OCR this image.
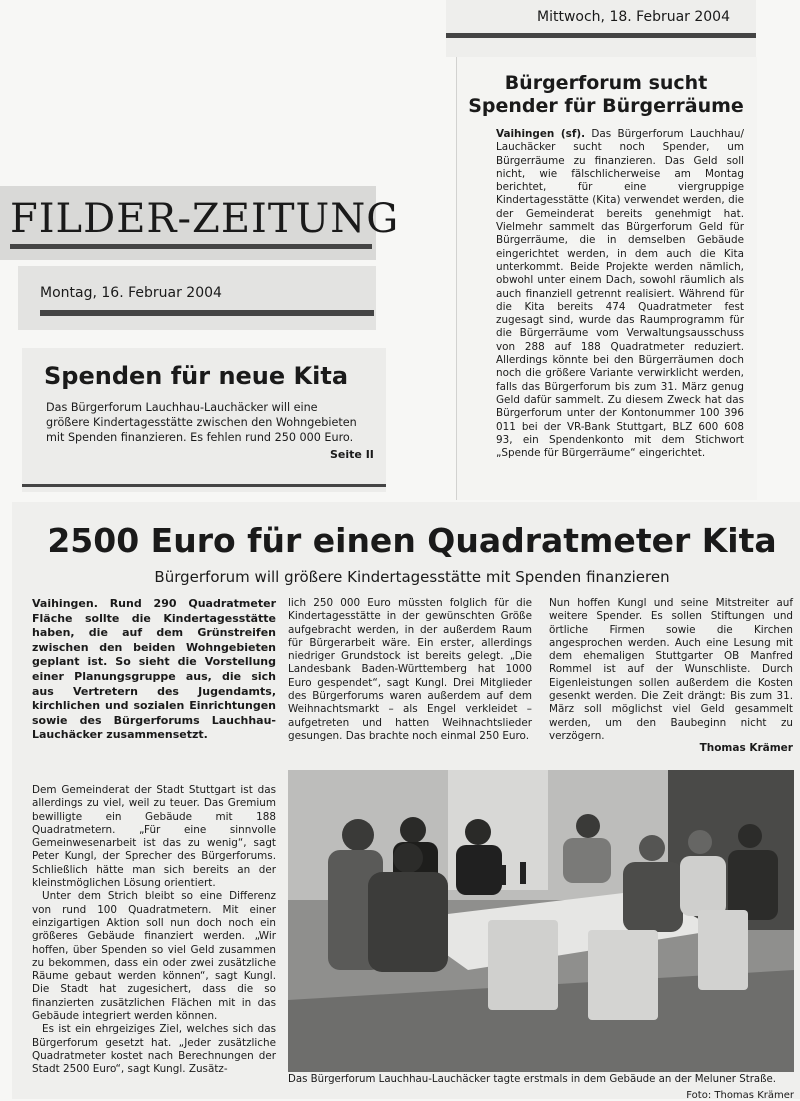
Mittwoch, 18. Februar 2004
Bürgerforum sucht Spender für Bürgerräume
Vaihingen (sf). Das Bürgerforum Lauchhau/ Lauchäcker sucht noch Spender, um Bürgerräume zu finanzieren. Das Geld soll nicht, wie fälschlicherweise am Montag berichtet, für eine viergruppige Kindertagesstätte (Kita) verwendet werden, die der Gemeinderat bereits genehmigt hat. Vielmehr sammelt das Bürgerforum Geld für Bürgerräume, die in demselben Gebäude eingerichtet werden, in dem auch die Kita unterkommt. Beide Projekte werden nämlich, obwohl unter einem Dach, sowohl räumlich als auch finanziell getrennt realisiert. Während für die Kita bereits 474 Quadratmeter fest zugesagt sind, wurde das Raumprogramm für die Bürgerräume vom Verwaltungsausschuss von 288 auf 188 Quadratmeter reduziert. Allerdings könnte bei den Bürgerräumen doch noch die größere Variante verwirklicht werden, falls das Bürgerforum bis zum 31. März genug Geld dafür sammelt. Zu diesem Zweck hat das Bürgerforum unter der Kontonummer 100 396 011 bei der VR-Bank Stuttgart, BLZ 600 608 93, ein Spendenkonto mit dem Stichwort „Spende für Bürgerräume“ eingerichtet.
FILDER-ZEITUNG
Montag, 16. Februar 2004
Spenden für neue Kita
Das Bürgerforum Lauchhau-Lauchäcker will eine größere Kindertagesstätte zwischen den Wohngebieten mit Spenden finanzieren. Es fehlen rund 250 000 Euro.
Seite II
2500 Euro für einen Quadratmeter Kita
Bürgerforum will größere Kindertagesstätte mit Spenden finanzieren
Vaihingen. Rund 290 Quadratmeter Fläche sollte die Kindertagesstätte haben, die auf dem Grünstreifen zwischen den beiden Wohngebieten geplant ist. So sieht die Vorstellung einer Planungsgruppe aus, die sich aus Vertretern des Jugendamts, kirchlichen und sozialen Einrichtungen sowie des Bürgerforums Lauchhau-Lauchäcker zusammensetzt.

Dem Gemeinderat der Stadt Stuttgart ist das allerdings zu viel, weil zu teuer. Das Gremium bewilligte ein Gebäude mit 188 Quadratmetern. „Für eine sinnvolle Gemeinwesenarbeit ist das zu wenig“, sagt Peter Kungl, der Sprecher des Bürgerforums. Schließlich hätte man sich bereits an der kleinstmöglichen Lösung orientiert.

Unter dem Strich bleibt so eine Differenz von rund 100 Quadratmetern. Mit einer einzigartigen Aktion soll nun doch noch ein größeres Gebäude finanziert werden. „Wir hoffen, über Spenden so viel Geld zusammen zu bekommen, dass ein oder zwei zusätzliche Räume gebaut werden können“, sagt Kungl. Die Stadt hat zugesichert, dass die so finanzierten zusätzlichen Flächen mit in das Gebäude integriert werden können.

Es ist ein ehrgeiziges Ziel, welches sich das Bürgerforum gesetzt hat. „Jeder zusätzliche Quadratmeter kostet nach Berechnungen der Stadt 2500 Euro“, sagt Kungl. Zusätz-

lich 250 000 Euro müssten folglich für die Kindertagesstätte in der gewünschten Größe aufgebracht werden, in der außerdem Raum für Bürgerarbeit wäre. Ein erster, allerdings niedriger Grundstock ist bereits gelegt. „Die Landesbank Baden-Württemberg hat 1000 Euro gespendet“, sagt Kungl. Drei Mitglieder des Bürgerforums waren außerdem auf dem Weihnachtsmarkt – als Engel verkleidet – aufgetreten und hatten Weihnachtslieder gesungen. Das brachte noch einmal 250 Euro.
Nun hoffen Kungl und seine Mitstreiter auf weitere Spender. Es sollen Stiftungen und örtliche Firmen sowie die Kirchen angesprochen werden. Auch eine Lesung mit dem ehemaligen Stuttgarter OB Manfred Rommel ist auf der Wunschliste. Durch Eigenleistungen sollen außerdem die Kosten gesenkt werden. Die Zeit drängt: Bis zum 31. März soll möglichst viel Geld gesammelt werden, um den Baubeginn nicht zu verzögern.
Thomas Krämer
Das Bürgerforum Lauchhau-Lauchäcker tagte erstmals in dem Gebäude an der Meluner Straße.
Foto: Thomas Krämer
